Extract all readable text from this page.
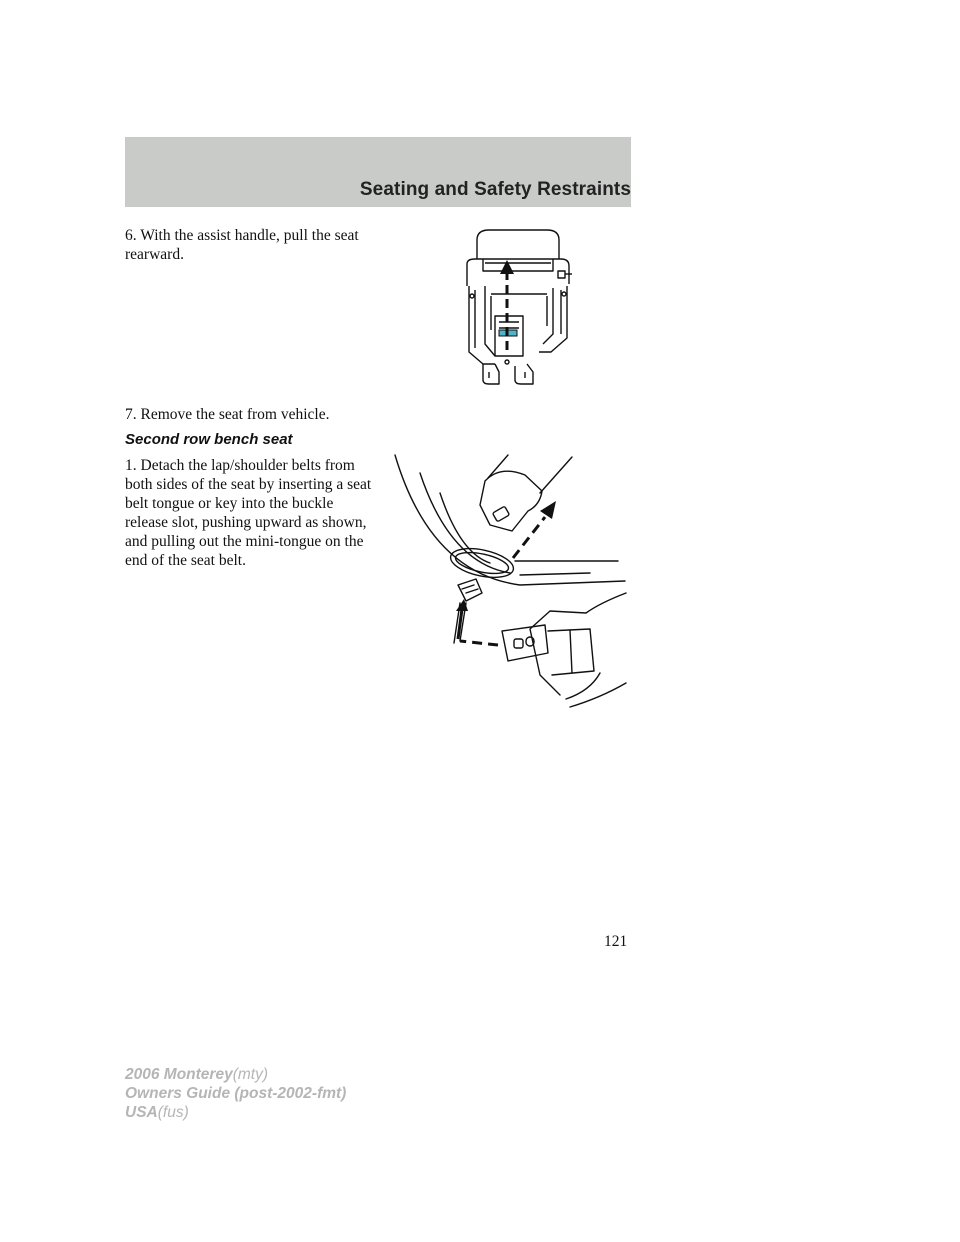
Seating and Safety Restraints

6. With the assist handle, pull the seat rearward.

7. Remove the seat from vehicle.

Second row bench seat

1. Detach the lap/shoulder belts from both sides of the seat by inserting a seat belt tongue or key into the buckle release slot, pushing upward as shown, and pulling out the mini-tongue on the end of the seat belt.

121

2006 Monterey(mty)
Owners Guide (post-2002-fmt)
USA(fus)
